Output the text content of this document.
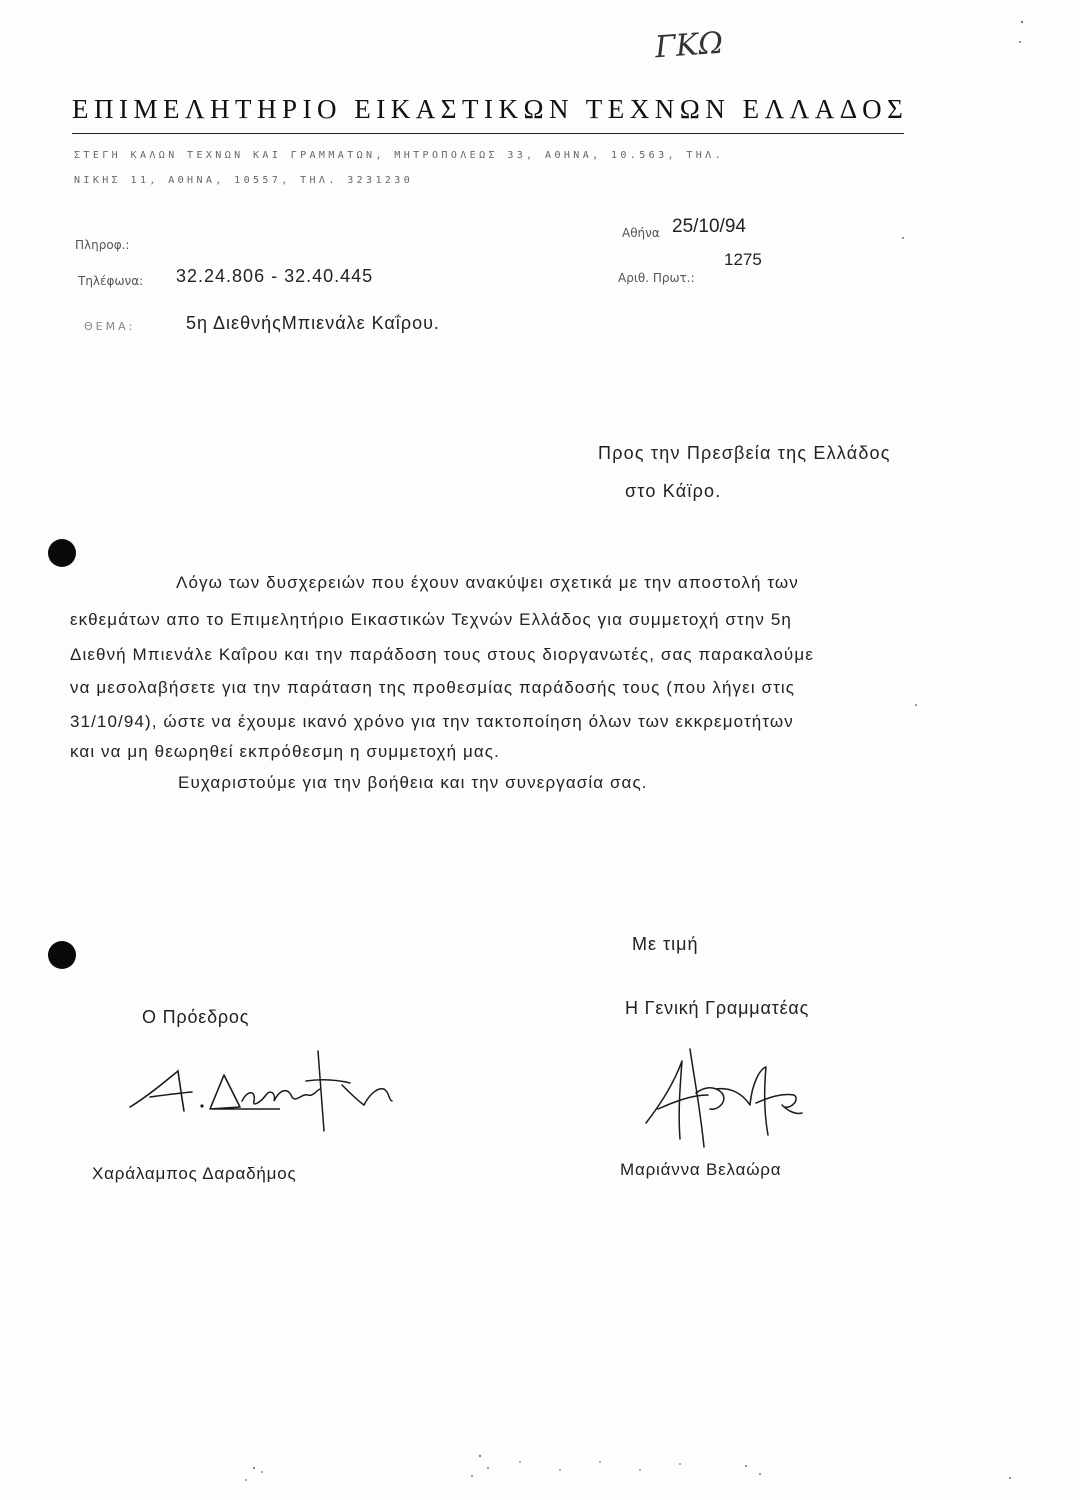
ΓΚΩ
ΕΠΙΜΕΛΗΤΗΡΙΟ ΕΙΚΑΣΤΙΚΩΝ ΤΕΧΝΩΝ ΕΛΛΑΔΟΣ
ΣΤΕΓΗ ΚΑΛΩΝ ΤΕΧΝΩΝ ΚΑΙ ΓΡΑΜΜΑΤΩΝ, ΜΗΤΡΟΠΟΛΕΩΣ 33, ΑΘΗΝΑ, 10.563, ΤΗΛ.
ΝΙΚΗΣ 11, ΑΘΗΝΑ, 10557, ΤΗΛ. 3231230
Πληροφ.:
Τηλέφωνα: 32.24.806 - 32.40.445
ΘΕΜΑ:	5η ΔιεθνήςΜπιενάλε Καΐρου.
Αθήνα 25/10/94
Αριθ. Πρωτ.:
1275
Προς την Πρεσβεία της Ελλάδος
στο Κάϊρο.
Λόγω των δυσχερειών που έχουν ανακύψει σχετικά με την αποστολή των
εκθεμάτων απο το Επιμελητήριο Εικαστικών Τεχνών Ελλάδος για συμμετοχή στην 5η
Διεθνή Μπιενάλε Καΐρου και την παράδοση τους στους διοργανωτές, σας παρακαλούμε
να μεσολαβήσετε για την παράταση της προθεσμίας παράδοσής τους (που λήγει στις
31/10/94), ώστε να έχουμε ικανό χρόνο για την τακτοποίηση όλων των εκκρεμοτήτων
και να μη θεωρηθεί εκπρόθεσμη η συμμετοχή μας.
Ευχαριστούμε για την βοήθεια και την συνεργασία σας.
Με τιμή
Ο Πρόεδρος	Η Γενική Γραμματέας
Χαράλαμπος Δαραδήμος	Μαριάννα Βελαώρα
